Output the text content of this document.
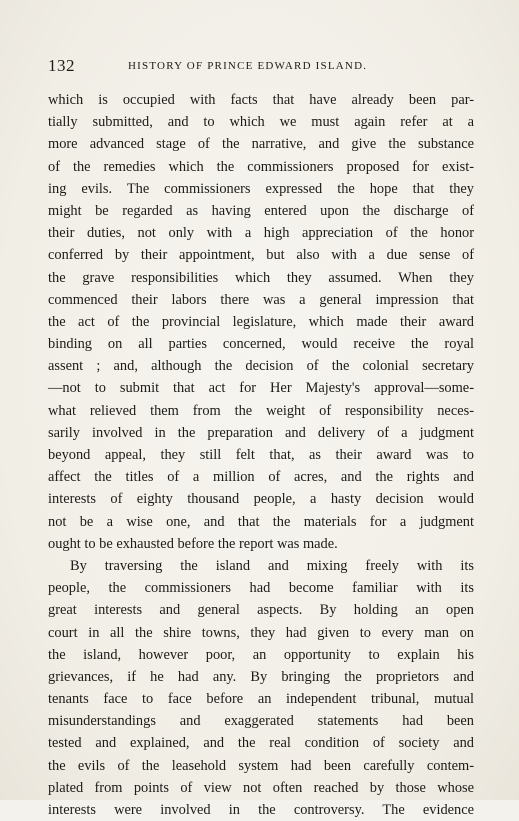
132	HISTORY OF PRINCE EDWARD ISLAND.
which is occupied with facts that have already been par-
tially submitted, and to which we must again refer at a
more advanced stage of the narrative, and give the substance
of the remedies which the commissioners proposed for exist-
ing evils. The commissioners expressed the hope that they
might be regarded as having entered upon the discharge of
their duties, not only with a high appreciation of the honor
conferred by their appointment, but also with a due sense of
the grave responsibilities which they assumed. When they
commenced their labors there was a general impression that
the act of the provincial legislature, which made their award
binding on all parties concerned, would receive the royal
assent ; and, although the decision of the colonial secretary
—not to submit that act for Her Majesty's approval—some-
what relieved them from the weight of responsibility neces-
sarily involved in the preparation and delivery of a judgment
beyond appeal, they still felt that, as their award was to
affect the titles of a million of acres, and the rights and
interests of eighty thousand people, a hasty decision would
not be a wise one, and that the materials for a judgment
ought to be exhausted before the report was made.
By traversing the island and mixing freely with its
people, the commissioners had become familiar with its
great interests and general aspects. By holding an open
court in all the shire towns, they had given to every man on
the island, however poor, an opportunity to explain his
grievances, if he had any. By bringing the proprietors and
tenants face to face before an independent tribunal, mutual
misunderstandings and exaggerated statements had been
tested and explained, and the real condition of society and
the evils of the leasehold system had been carefully contem-
plated from points of view not often reached by those whose
interests were involved in the controversy. The evidence
